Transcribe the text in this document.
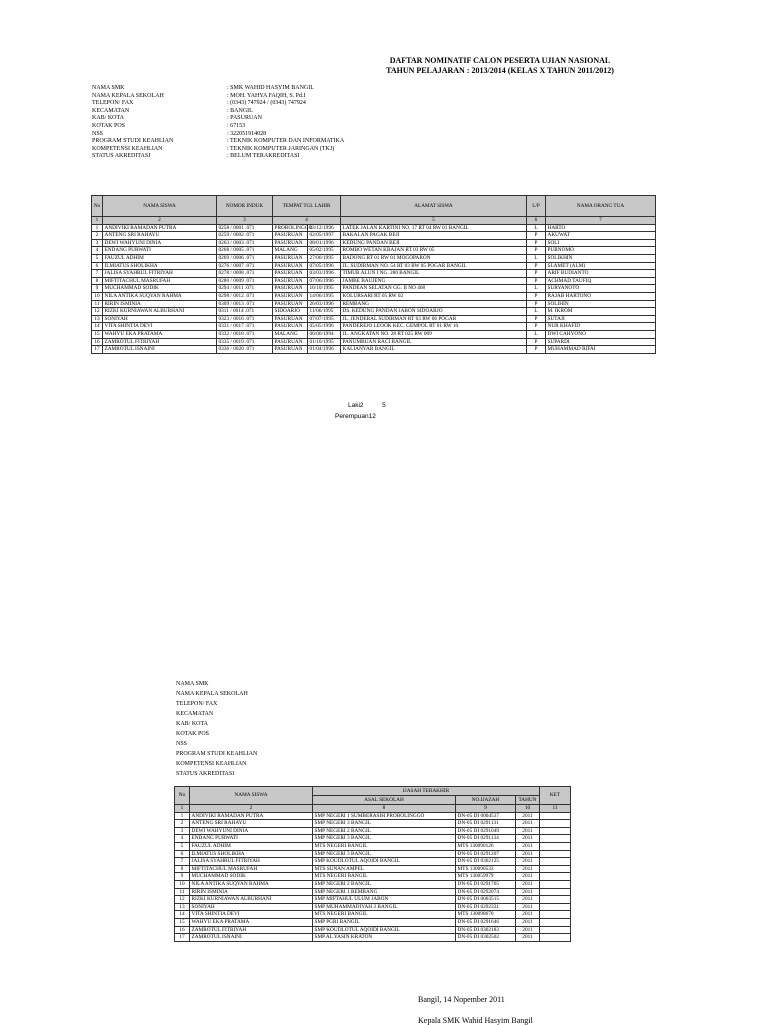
DAFTAR NOMINATIF CALON PESERTA UJIAN NASIONAL
TAHUN PELAJARAN : 2013/2014 (KELAS X TAHUN 2011/2012)
NAMA SMK	: SMK WAHID HASYIM BANGIL
NAMA KEPALA SEKOLAH	: MOH. YAHYA FAQIH, S. Pd.I
TELEPON/ FAX	: (0343) 747924 / (0343) 747924
KECAMATAN	: BANGIL
KAB/ KOTA	: PASURUAN
KOTAK POS	: 67153
NSS	: 322051914028
PROGRAM STUDI KEAHLIAN	: TEKNIK KOMPUTER DAN INFORMATIKA
KOMPETENSI KEAHLIAN	: TEKNIK KOMPUTER JARINGAN (TKJ)
STATUS AKREDITASI	: BELUM TERAKREDITASI
No	NAMA SISWA	NOMOR INDUK	TEMPAT TGL LAHIR		ALAMAT SISWA	L/P	NAMA ORANG TUA
1	2	3	4		5	6	7
1	ANDIVIKI RAMADAN PUTRA	0258 / 0001 .071	PROBOLINGGO	13/12/1996	LATEK JALAN KARTINI NO. 17 RT 04 RW 01 BANGIL	L	HARTO
2	ANTENG SRI RAHAYU	0259 / 0002 .071	PASURUAN	02/05/1997	BAKALAN PAGAK BEJI	P	AKUWAT
3	DEWI WAHYUNI DINIA	0263 / 0003 .071	PASURUAN	08/01/1996	KEDUNG PANDAN BEJI	P	SOLI
4	ENDANG PURWATI	0268 / 0005 .071	MALANG	05/02/1995	ROMBO WETAN KRAJAN RT 03 RW 05	P	PURNOMO
5	FAUZUL ADHIM	0269 / 0006 .071	PASURUAN	27/06/1995	BADONG RT 01 RW 01 MOGOPARON	L	SOLIKHIN
6	ILMIATUS SHOLIKHA	0276 / 0007 .071	PASURUAN	07/05/1996	JL. SUDIRMAN NO. 54 RT 03 RW 05 POGAR BANGIL	P	SLAMET (ALM)
7	JALISA SYAHRUL FITRIYAH	0278 / 0008 .071	PASURUAN	03/03/1996	TIMUR ALUN I NG. 280 BANGIL	P	ARIF BUDIANTO
8	MIFTITACHUL MASRUFAH	0280 / 0009 .071	PASURUAN	07/06/1996	JAMBE BAUJENG	P	ACHMAD TAUFIQ
9	MUCHAMMAD SODIK	0294 / 0011 .071	PASURUAN	16/10/1995	PANDEAN SELATAN GG. II NO 468	L	SURYANOTO
10	NILA ANTIKA SUQYAN RAHMA	0298 / 0012 .071	PASURUAN	14/06/1995	KOLURSARI RT 05 RW 02	P	RAJAB HARTONO
11	RIRIN ISMINIA	0309 / 0013 .071	PASURUAN	26/03/1996	REMBANG	P	SOLIHIN
12	RIZKI KURNIAWAN ALBURHANI	0311 / 0014 .071	SIDOARJO	11/06/1995	DS. KEDUNG PANDAN JABON SIDOARJO	L	M. IKROM
13	SONIYAH	0323 / 0016 .071	PASURUAN	07/07/1995	JL. JENDERAL SUDIRMAN RT 03 RW 06 POGAR	P	SUTAJI
14	VITA SHINTIA DEVI	0331 / 0017 .071	PASURUAN	05/05/1996	PANDEREJO LEOOK KEC. GEMPOL RT 01 RW 10	P	NUR KHAFID
15	WAHYU EKA PRATAMA	0332 / 0018 .071	MALANG	06/06/1994	JL. ANGKATAN NO. 28 RT 025 RW 009	L	DWI CAHYONO
16	ZAMROTUL FITRIYAH	0335 / 0019 .071	PASURUAN	01/10/1995	PANUMBUAN RACI BANGIL	P	SUPARDI
17	ZAMROTUL ISNAINI	0336 / 0020 .071	PASURUAN	01/04/1996	KALIANYAR BANGIL	P	MUHAMMAD RIFAI
Laki2	5
Perempuan12
NAMA SMK
NAMA KEPALA SEKOLAH
TELEPON/ FAX
KECAMATAN
KAB/ KOTA
KOTAK POS
NSS
PROGRAM STUDI KEAHLIAN
KOMPETENSI KEAHLIAN
STATUS AKREDITASI
No	NAMA SISWA	IJASAH TERAKHIR			KET
		ASAL SEKOLAH	NO.IJAZAH	TAHUN	
1	2	8	9	10	11
1	ANDIVIKI RAMADAN PUTRA	SMP NEGERI 1 SUMBERASIH PROBOLINGGO	DN-05 DI 0004537	2011	
2	ANTENG SRI RAHAYU	SMP NEGERI 3 BANGIL	DN-05 DI 0291131	2011	
3	DEWI WAHYUNI DINIA	SMP NEGERI 2 BANGIL	DN-05 DI 0291049	2011	
4	ENDANG PURWATI	SMP NEGERI 3 BANGIL	DN-05 DI 0291134	2011	
5	FAUZUL ADHIM	MTS NEGERI BANGIL	MTS 130090126	2011	
6	ILMIATUS SHOLIKHA	SMP NEGERI 3 BANGIL	DN-05 DI 0291207	2011	
7	JALISA SYAHRUL FITRIYAH	SMP KOUDLOTUL AQOIDI BANGIL	DN-05 DI 0302125	2011	
8	MIFTITACHUL MASRUFAH	MTS SUNAN AMPEL	MTS 130090533	2011	
9	MUCHAMMAD SODIK	MTS NEGERI BANGIL	MTS 130059979	2011	
10	NILA ANTIKA SUQYAN RAHMA	SMP NEGERI 2 BANGIL	DN-05 DI 0291705	2011	
11	RIRIN ISMINIA	SMP NEGERI 1 REMBANG	DN-05 DI 0292074	2011	
12	RIZKI KURNIAWAN ALBURHANI	SMP MIFTAHUL ULUM JABON	DN-05 DI 0003515	2011	
13	SONIYAH	SMP MUHAMMADIYAH 2 BANGIL	DN-05 DI 0292331	2011	
14	VITA SHINTIA DEVI	MTS NEGERI BANGIL	MTS 130098670	2011	
15	WAHYU EKA PRATAMA	SMP PGRI BANGIL	DN-05 DI 0291646	2011	
16	ZAMROTUL FITRIYAH	SMP KOUDLOTUL AQOIDI BANGIL	DN-05 DI 0302183	2011	
17	ZAMROTUL ISNAINI	SMP AL YASIN KRATON	DN-05 DI 0302502	2011	
Bangil, 14 Nopember 2011
Kepala SMK Wahid Hasyim Bangil
